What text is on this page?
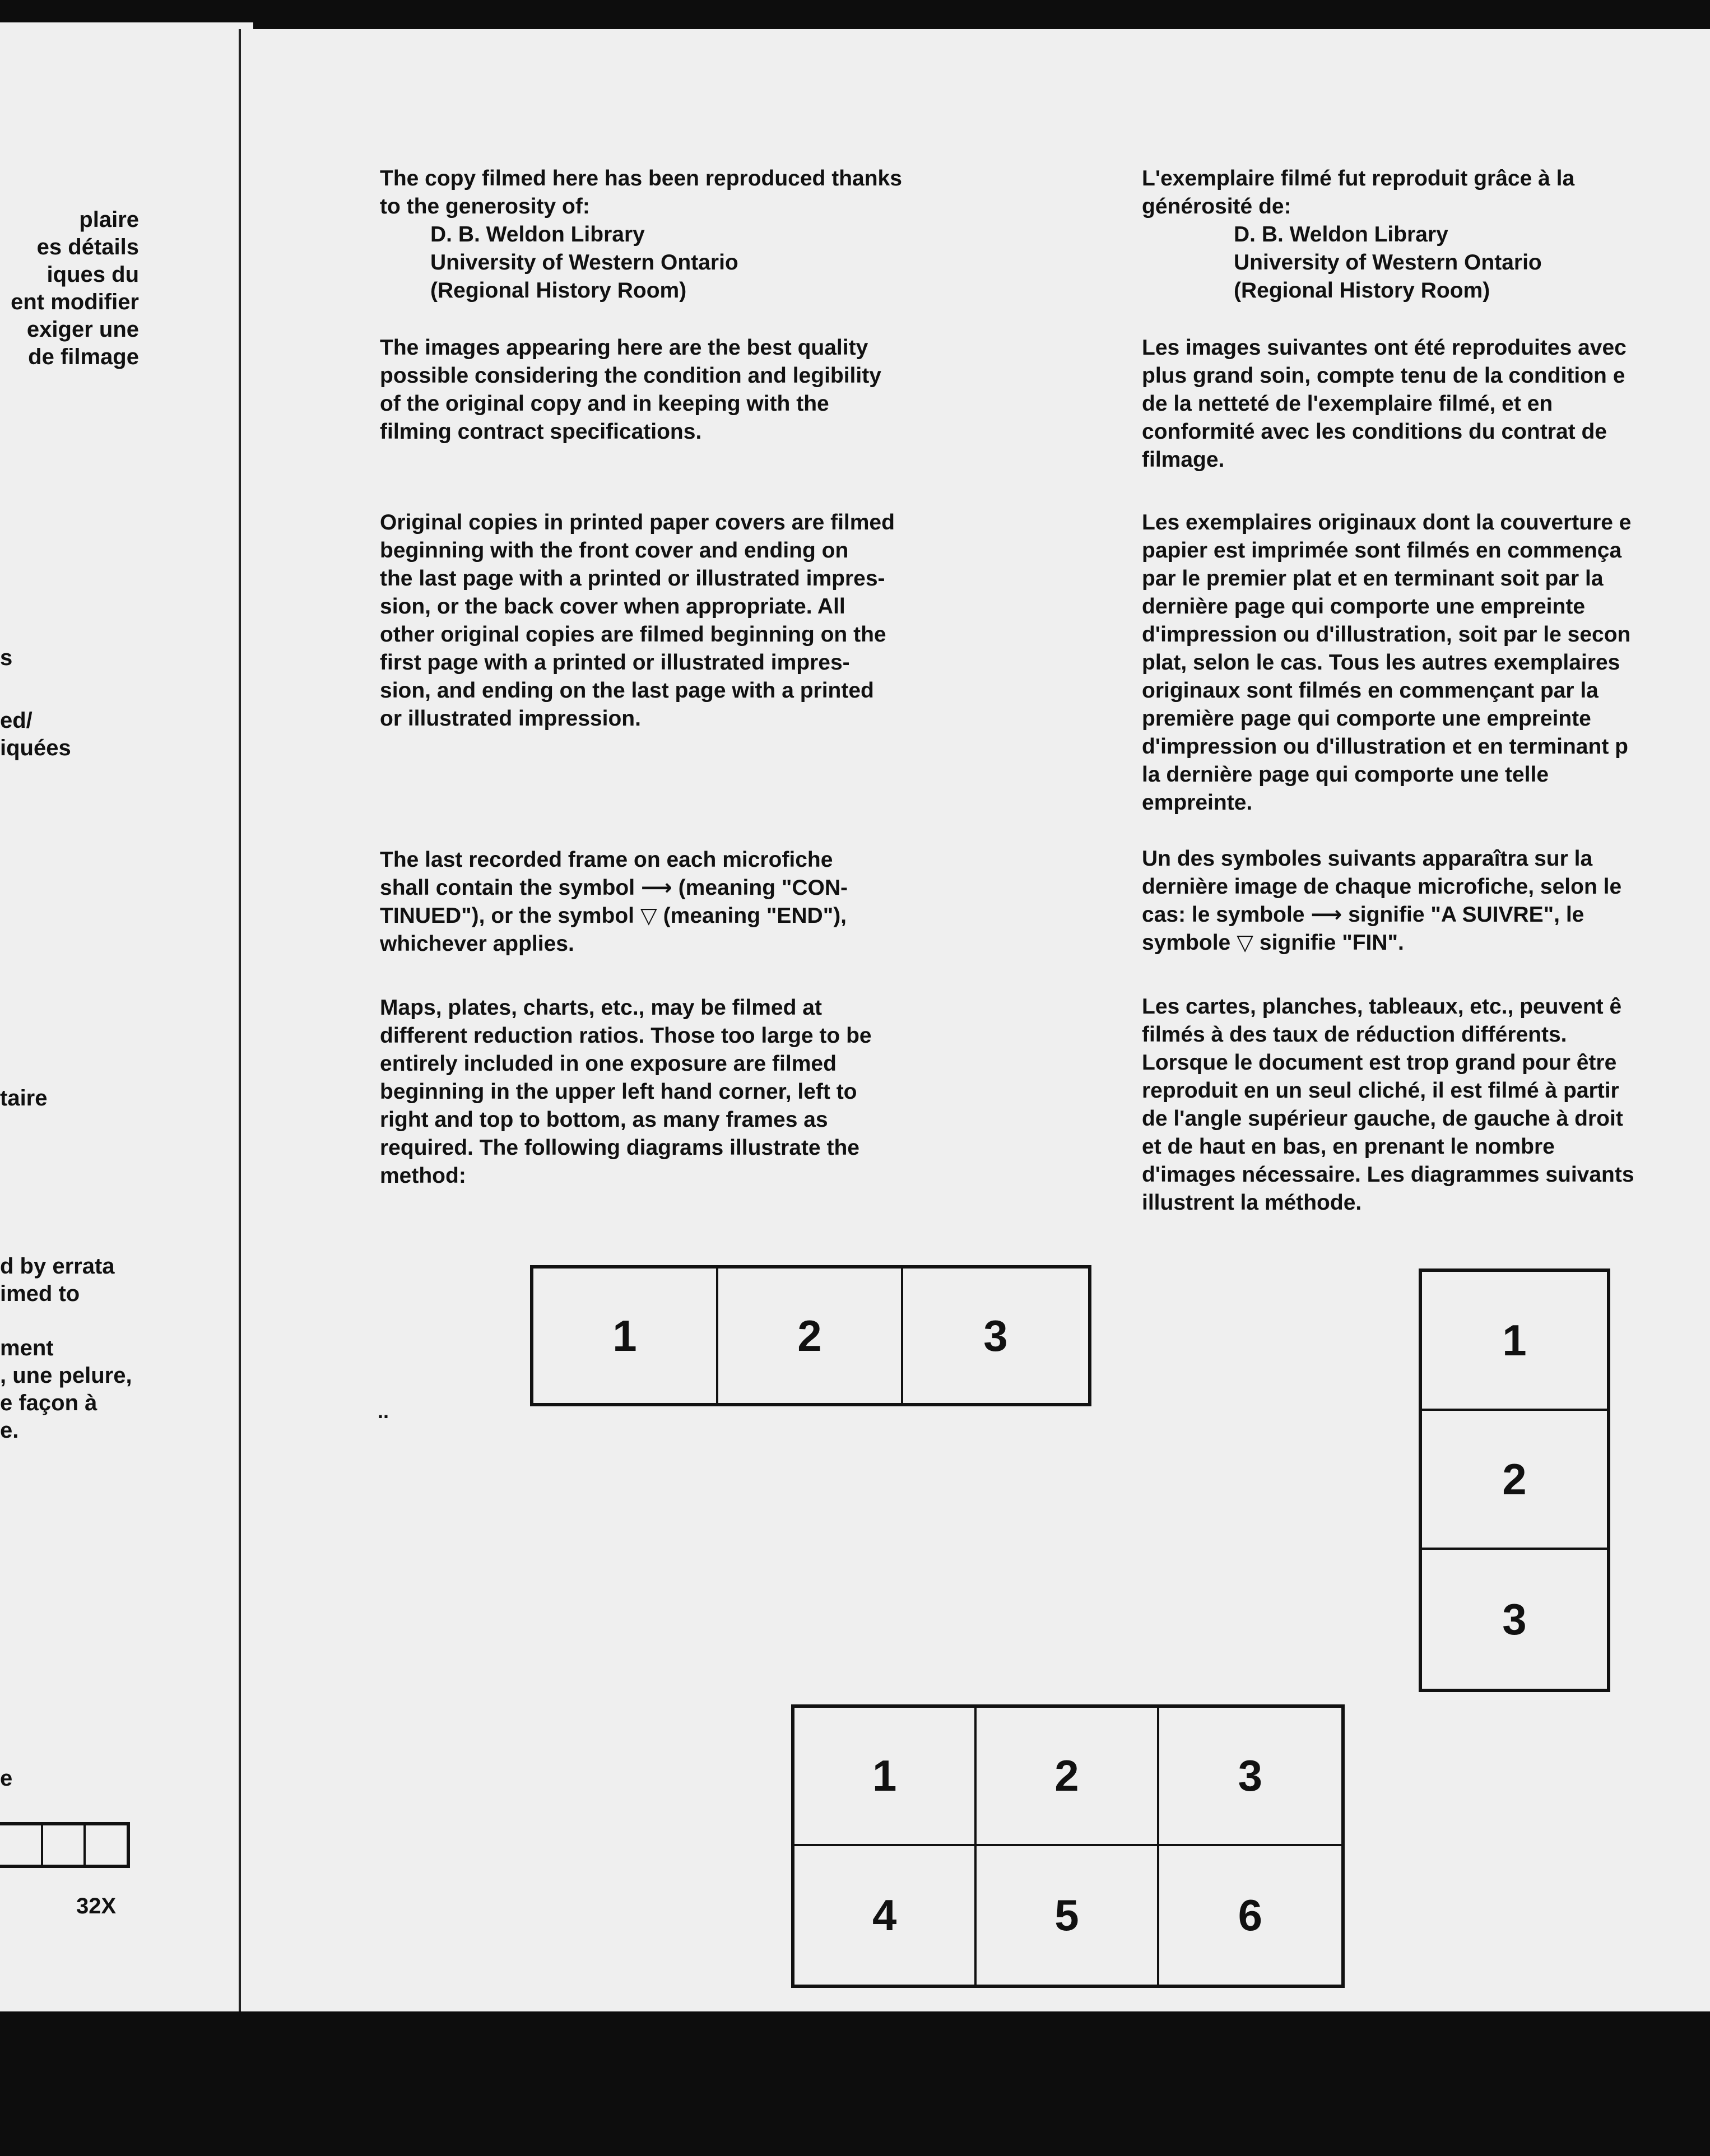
plaire
es détails
iques du
ent modifier
exiger une
de filmage
s
ed/
iquées
taire
d by errata
imed to
ment
, une pelure,
e façon à
e.
e
32X
The copy filmed here has been reproduced thanks
to the generosity of:
D. B. Weldon Library
University of Western Ontario
(Regional History Room)
The images appearing here are the best quality
possible considering the condition and legibility
of the original copy and in keeping with the
filming contract specifications.
Original copies in printed paper covers are filmed
beginning with the front cover and ending on
the last page with a printed or illustrated impres-
sion, or the back cover when appropriate. All
other original copies are filmed beginning on the
first page with a printed or illustrated impres-
sion, and ending on the last page with a printed
or illustrated impression.
The last recorded frame on each microfiche
shall contain the symbol ⟶ (meaning "CON-
TINUED"), or the symbol ▽ (meaning "END"),
whichever applies.
Maps, plates, charts, etc., may be filmed at
different reduction ratios. Those too large to be
entirely included in one exposure are filmed
beginning in the upper left hand corner, left to
right and top to bottom, as many frames as
required. The following diagrams illustrate the
method:
L'exemplaire filmé fut reproduit grâce à la
générosité de:
D. B. Weldon Library
University of Western Ontario
(Regional History Room)
Les images suivantes ont été reproduites avec
plus grand soin, compte tenu de la condition e
de la netteté de l'exemplaire filmé, et en
conformité avec les conditions du contrat de
filmage.
Les exemplaires originaux dont la couverture e
papier est imprimée sont filmés en commença
par le premier plat et en terminant soit par la
dernière page qui comporte une empreinte
d'impression ou d'illustration, soit par le secon
plat, selon le cas. Tous les autres exemplaires
originaux sont filmés en commençant par la
première page qui comporte une empreinte
d'impression ou d'illustration et en terminant p
la dernière page qui comporte une telle
empreinte.
Un des symboles suivants apparaîtra sur la
dernière image de chaque microfiche, selon le
cas: le symbole ⟶ signifie "A SUIVRE", le
symbole ▽ signifie "FIN".
Les cartes, planches, tableaux, etc., peuvent ê
filmés à des taux de réduction différents.
Lorsque le document est trop grand pour être
reproduit en un seul cliché, il est filmé à partir
de l'angle supérieur gauche, de gauche à droit
et de haut en bas, en prenant le nombre
d'images nécessaire. Les diagrammes suivants
illustrent la méthode.
1	2	3
..
1
2
3
1	2	3
4	5	6
